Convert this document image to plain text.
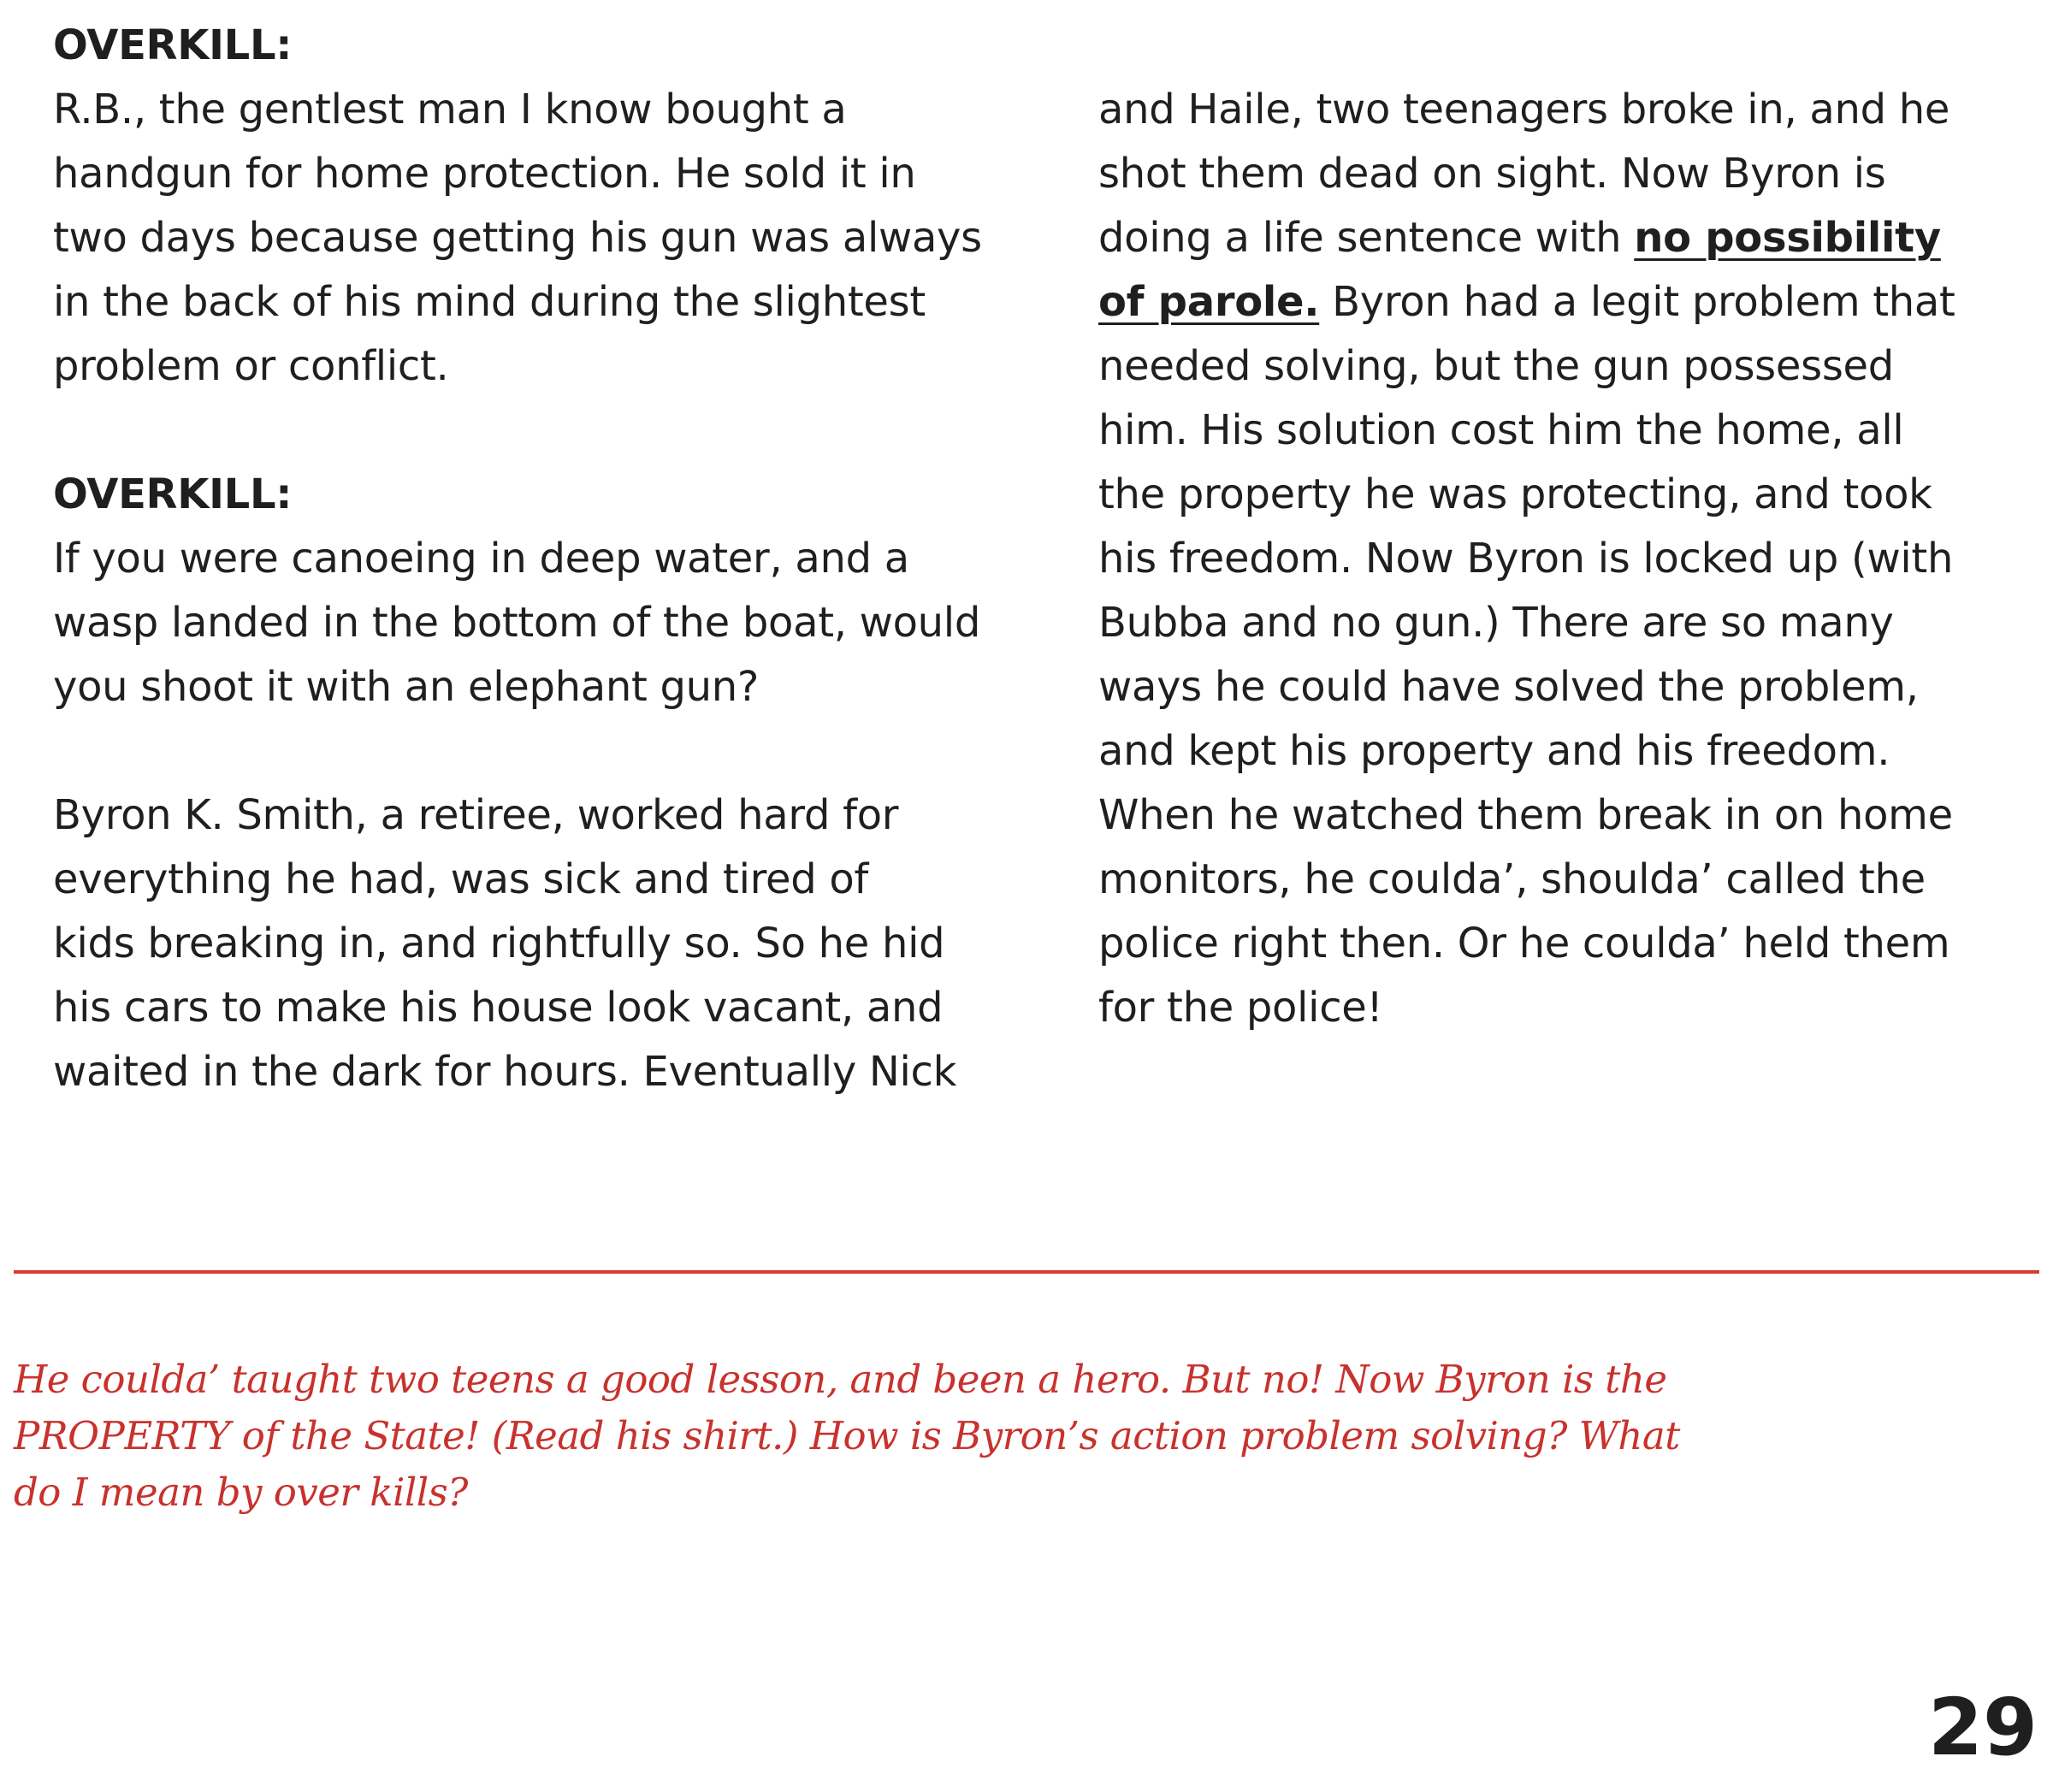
OVERKILL:
R.B., the gentlest man I know bought a
handgun for home protection. He sold it in
two days because getting his gun was always
in the back of his mind during the slightest
problem or conflict.
OVERKILL:
If you were canoeing in deep water, and a
wasp landed in the bottom of the boat, would
you shoot it with an elephant gun?
Byron K. Smith, a retiree, worked hard for
everything he had, was sick and tired of
kids breaking in, and rightfully so. So he hid
his cars to make his house look vacant, and
waited in the dark for hours. Eventually Nick
and Haile, two teenagers broke in, and he
shot them dead on sight. Now Byron is
doing a life sentence with no possibility
of parole. Byron had a legit problem that
needed solving, but the gun possessed
him. His solution cost him the home, all
the property he was protecting, and took
his freedom. Now Byron is locked up (with
Bubba and no gun.) There are so many
ways he could have solved the problem,
and kept his property and his freedom.
When he watched them break in on home
monitors, he coulda’, shoulda’ called the
police right then. Or he coulda’ held them
for the police!
He coulda’ taught two teens a good lesson, and been a hero. But no! Now Byron is the
PROPERTY of the State! (Read his shirt.) How is Byron’s action problem solving? What
do I mean by over kills?
29
